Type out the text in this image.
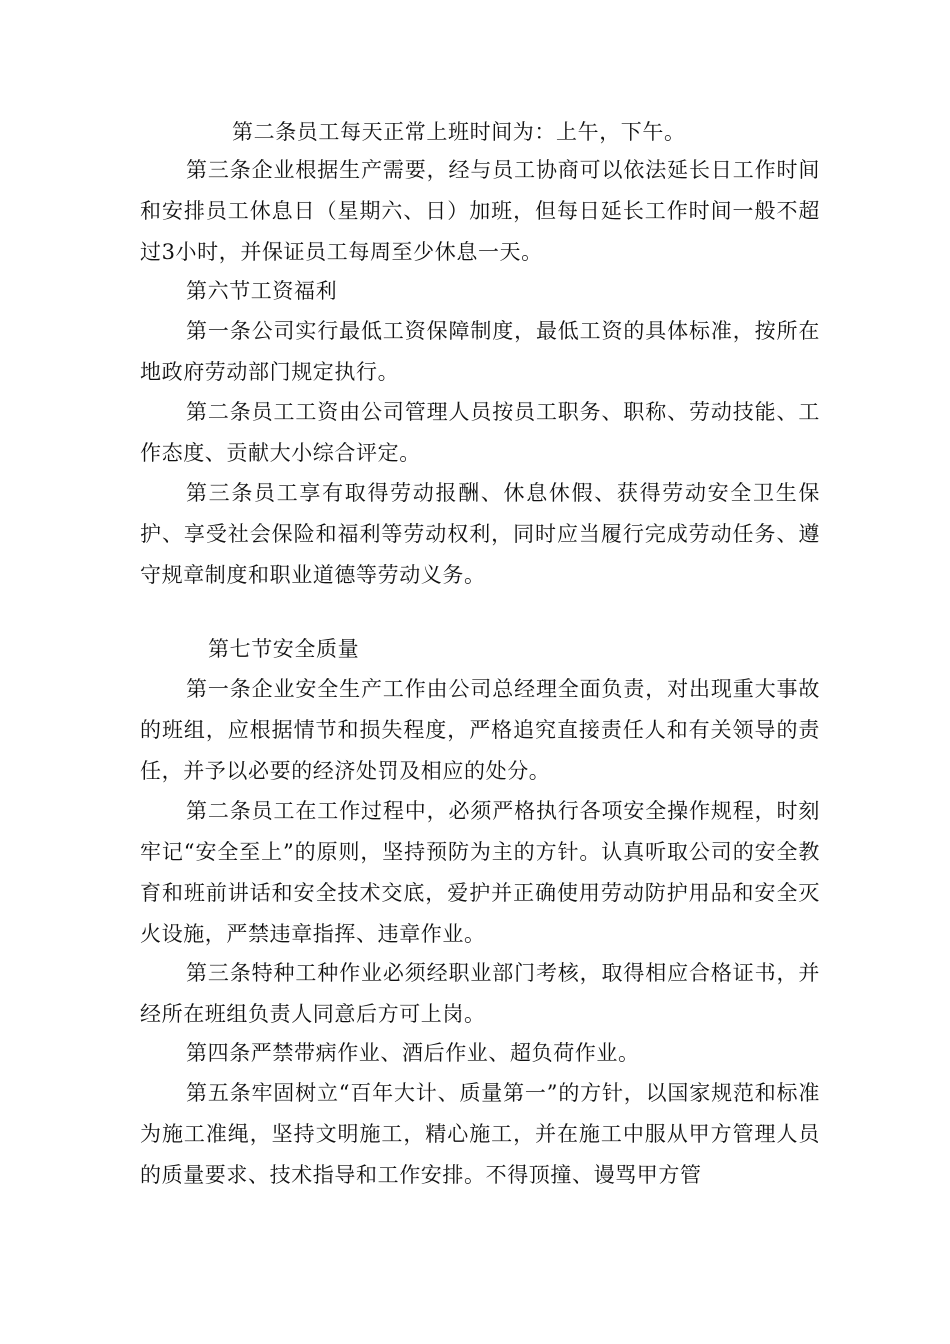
第二条员工每天正常上班时间为：上午，下午。

第三条企业根据生产需要，经与员工协商可以依法延长日工作时间和安排员工休息日（星期六、日）加班，但每日延长工作时间一般不超过3小时，并保证员工每周至少休息一天。

第六节工资福利

第一条公司实行最低工资保障制度，最低工资的具体标准，按所在地政府劳动部门规定执行。

第二条员工工资由公司管理人员按员工职务、职称、劳动技能、工作态度、贡献大小综合评定。

第三条员工享有取得劳动报酬、休息休假、获得劳动安全卫生保护、享受社会保险和福利等劳动权利，同时应当履行完成劳动任务、遵守规章制度和职业道德等劳动义务。

第七节安全质量

第一条企业安全生产工作由公司总经理全面负责，对出现重大事故的班组，应根据情节和损失程度，严格追究直接责任人和有关领导的责任，并予以必要的经济处罚及相应的处分。

第二条员工在工作过程中，必须严格执行各项安全操作规程，时刻牢记“安全至上”的原则，坚持预防为主的方针。认真听取公司的安全教育和班前讲话和安全技术交底，爱护并正确使用劳动防护用品和安全灭火设施，严禁违章指挥、违章作业。

第三条特种工种作业必须经职业部门考核，取得相应合格证书，并经所在班组负责人同意后方可上岗。

第四条严禁带病作业、酒后作业、超负荷作业。

第五条牢固树立“百年大计、质量第一”的方针，以国家规范和标准为施工准绳，坚持文明施工，精心施工，并在施工中服从甲方管理人员的质量要求、技术指导和工作安排。不得顶撞、谩骂甲方管
